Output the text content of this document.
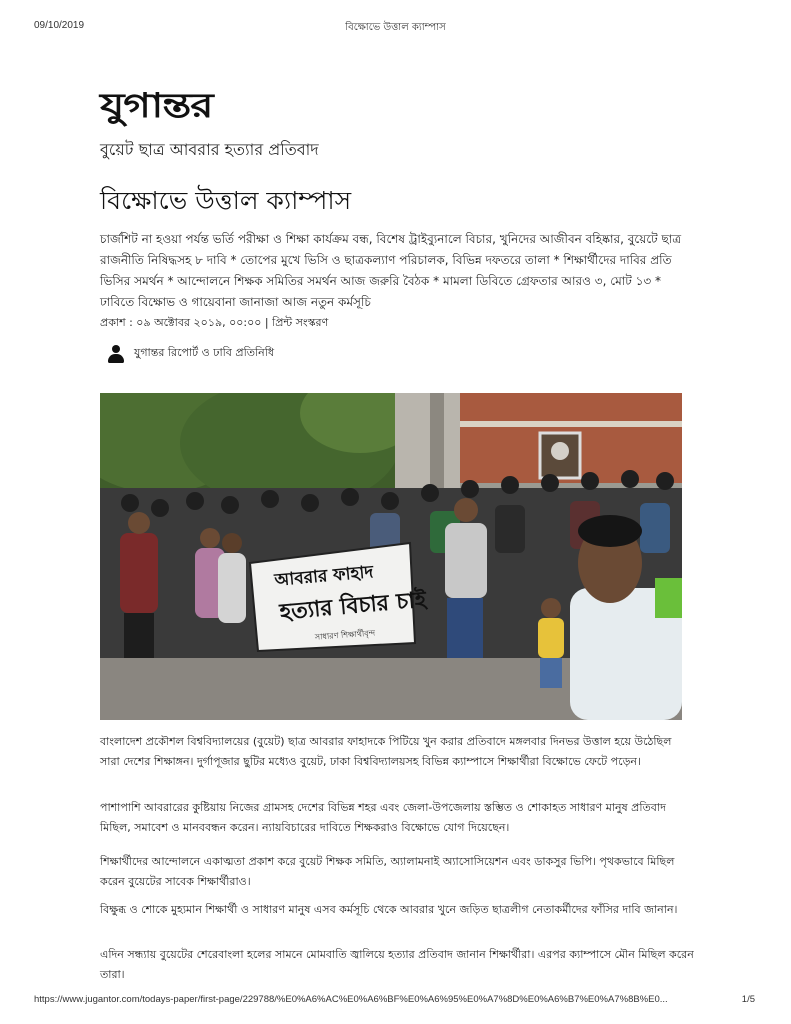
09/10/2019	বিক্ষোভে উত্তাল ক্যাম্পাস
যুগান্তর
বুয়েট ছাত্র আবরার হত্যার প্রতিবাদ
বিক্ষোভে উত্তাল ক্যাম্পাস
চার্জশিট না হওয়া পর্যন্ত ভর্তি পরীক্ষা ও শিক্ষা কার্যক্রম বন্ধ, বিশেষ ট্রাইব্যুনালে বিচার, খুনিদের আজীবন বহিষ্কার, বুয়েটে ছাত্র রাজনীতি নিষিদ্ধসহ ৮ দাবি * তোপের মুখে ভিসি ও ছাত্রকল্যাণ পরিচালক, বিভিন্ন দফতরে তালা * শিক্ষার্থীদের দাবির প্রতি ভিসির সমর্থন * আন্দোলনে শিক্ষক সমিতির সমর্থন আজ জরুরি বৈঠক * মামলা ডিবিতে গ্রেফতার আরও ৩, মোট ১৩ * ঢাবিতে বিক্ষোভ ও গায়েবানা জানাজা আজ নতুন কর্মসূচি
প্রকাশ : ০৯ অক্টোবর ২০১৯, ০০:০০ | প্রিন্ট সংস্করণ
যুগান্তর রিপোর্ট ও ঢাবি প্রতিনিধি
আবরার ফাহাদ
হত্যার বিচার চাই
সাধারণ শিক্ষার্থীবৃন্দ

বাংলাদেশ প্রকৌশল বিশ্ববিদ্যালয়ের (বুয়েট) ছাত্র আবরার ফাহাদকে পিটিয়ে খুন করার প্রতিবাদে মঙ্গলবার দিনভর উত্তাল হয়ে উঠেছিল সারা দেশের শিক্ষাঙ্গন। দুর্গাপূজার ছুটির মধ্যেও বুয়েট, ঢাকা বিশ্ববিদ্যালয়সহ বিভিন্ন ক্যাম্পাসে শিক্ষার্থীরা বিক্ষোভে ফেটে পড়েন।

পাশাপাশি আবরারের কুষ্টিয়ায় নিজের গ্রামসহ দেশের বিভিন্ন শহর এবং জেলা-উপজেলায় স্তম্ভিত ও শোকাহত সাধারণ মানুষ প্রতিবাদ মিছিল, সমাবেশ ও মানববন্ধন করেন। ন্যায়বিচারের দাবিতে শিক্ষকরাও বিক্ষোভে যোগ দিয়েছেন।

শিক্ষার্থীদের আন্দোলনে একাত্মতা প্রকাশ করে বুয়েট শিক্ষক সমিতি, অ্যালামনাই অ্যাসোসিয়েশন এবং ডাকসুর ভিপি। পৃথকভাবে মিছিল করেন বুয়েটের সাবেক শিক্ষার্থীরাও।

বিক্ষুব্ধ ও শোকে মুহ্যমান শিক্ষার্থী ও সাধারণ মানুষ এসব কর্মসূচি থেকে আবরার খুনে জড়িত ছাত্রলীগ নেতাকর্মীদের ফাঁসির দাবি জানান।

এদিন সন্ধ্যায় বুয়েটের শেরেবাংলা হলের সামনে মোমবাতি জ্বালিয়ে হত্যার প্রতিবাদ জানান শিক্ষার্থীরা। এরপর ক্যাম্পাসে মৌন মিছিল করেন তারা।

https://www.jugantor.com/todays-paper/first-page/229788/%E0%A6%AC%E0%A6%BF%E0%A6%95%E0%A7%8D%E0%A6%B7%E0%A7%8B%E0...	1/5
